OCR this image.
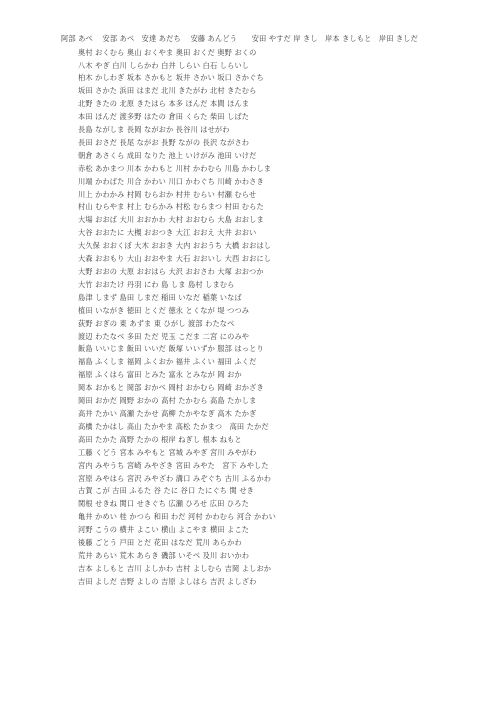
阿部 あべ　 安部 あべ　安達 あだち　 安藤 あんどう　　安田 やすだ 岸 きし　岸本 きしもと　岸田 きしだ

奥村 おくむら 奥山 おくやま 奥田 おくだ 奥野 おくの
八木 やぎ 白川 しらかわ 白井 しらい 白石 しらいし
柏木 かしわぎ 坂本 さかもと 坂井 さかい 坂口 さかぐち
坂田 さかた 浜田 はまだ 北川 きたがわ 北村 きたむら
北野 きたの 北原 きたはら 本多 ほんだ 本間 ほんま
本田 ほんだ 渡多野 はたの 倉田 くらた 柴田 しばた
長島 ながしま 長岡 ながおか 長谷川 はせがわ
長田 おさだ 長尾 ながお 長野 ながの 長沢 ながさわ
朝倉 あさくら 成田 なりた 池上 いけがみ 池田 いけだ
赤松 あかまつ 川本 かわもと 川村 かわむら 川島 かわしま
川端 かわばた 川合 かわい 川口 かわぐち 川崎 かわさき
川上 かわかみ 村岡 むらおか 村井 むらい 村瀬 むらせ
村山 むらやま 村上 むらかみ 村松 むらまつ 村田 むらた
大場 おおば 大川 おおかわ 大村 おおむら 大島 おおしま
大谷 おおたに 大槻 おおつき 大江 おおえ 大井 おおい
大久保 おおくぼ 大木 おおき 大内 おおうち 大橋 おおはし
大森 おおもり 大山 おおやま 大石 おおいし 大西 おおにし
大野 おおの 大原 おおはら 大沢 おおさわ 大塚 おおつか
大竹 おおたけ 丹羽 にわ 島 しま 島村 しまむら
島津 しまず 島田 しまだ 稲田 いなだ 稲葉 いなば
植田 いながき 徳田 とくだ 徳永 とくなが 堤 つつみ
荻野 おぎの 東 あずま 東 ひがし 渡部 わたなべ
渡辺 わたなべ 多田 ただ 児玉 こだま 二宮 にのみや
飯島 いいじま 飯田 いいだ 飯塚 いいずか 服部 はっとり
福島 ふくしま 福岡 ふくおか 福井 ふくい 福田 ふくだ
福原 ふくはら 富田 とみた 富永 とみなが 岡 おか
岡本 おかもと 岡部 おかべ 岡村 おかむら 岡崎 おかざき
岡田 おかだ 岡野 おかの 高村 たかむら 高島 たかしま
高井 たかい 高瀬 たかせ 高柳 たかやなぎ 高木 たかぎ
高橋 たかはし 高山 たかやま 高松 たかまつ　高田 たかだ
高田 たかた 高野 たかの 根岸 ねぎし 根本 ねもと
工藤 くどう 宮本 みやもと 宮城 みやぎ 宮川 みやがわ
宮内 みやうち 宮崎 みやざき 宮田 みやた　宮下 みやした
宮原 みやはら 宮沢 みやざわ 溝口 みぞぐち 古川 ふるかわ
古賀 こが 古田 ふるた 谷 たに 谷口 たにぐち 関 せき
関根 せきね 関口 せきぐち 広瀬 ひろせ 広田 ひろた
亀井 かめい 桂 かつら 和田 わだ 河村 かわむら 河合 かわい
河野 こうの 横井 よこい 横山 よこやま 横田 よこた
後藤 ごとう 戸田 とだ 花田 はなだ 荒川 あらかわ
荒井 あらい 荒木 あらき 磯部 いそべ 及川 おいかわ
吉本 よしもと 吉川 よしかわ 吉村 よしむら 吉岡 よしおか
吉田 よしだ 吉野 よしの 吉原 よしはら 吉沢 よしざわ
